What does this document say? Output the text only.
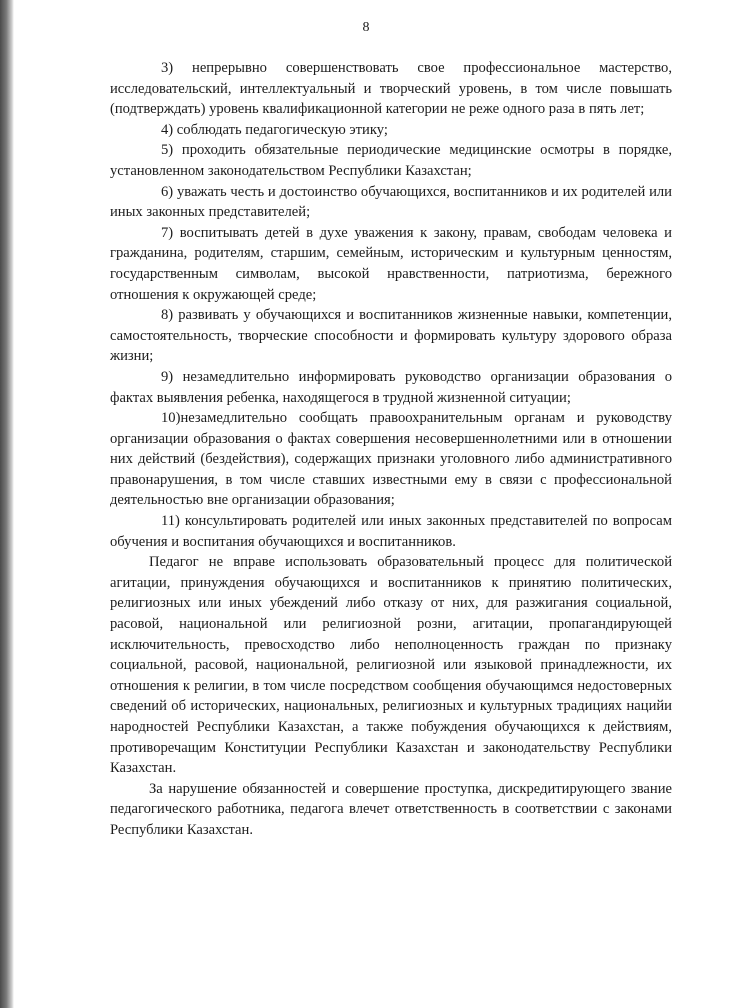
8

3) непрерывно совершенствовать свое профессиональное мастерство, исследовательский, интеллектуальный и творческий уровень, в том числе повышать (подтверждать) уровень квалификационной категории не реже одного раза в пять лет;

4) соблюдать педагогическую этику;

5) проходить обязательные периодические медицинские осмотры в порядке, установленном законодательством Республики Казахстан;

6) уважать честь и достоинство обучающихся, воспитанников и их родителей или иных законных представителей;

7) воспитывать детей в духе уважения к закону, правам, свободам человека и гражданина, родителям, старшим, семейным, историческим и культурным ценностям, государственным символам, высокой нравственности, патриотизма, бережного отношения к окружающей среде;

8) развивать у обучающихся и воспитанников жизненные навыки, компетенции, самостоятельность, творческие способности и формировать культуру здорового образа жизни;

9) незамедлительно информировать руководство организации образования о фактах выявления ребенка, находящегося в трудной жизненной ситуации;

10)незамедлительно сообщать правоохранительным органам и руководству организации образования о фактах совершения несовершеннолетними или в отношении них действий (бездействия), содержащих признаки уголовного либо административного правонарушения, в том числе ставших известными ему в связи с профессиональной деятельностью вне организации образования;

11) консультировать родителей или иных законных представителей по вопросам обучения и воспитания обучающихся и воспитанников.

Педагог не вправе использовать образовательный процесс для политической агитации, принуждения обучающихся и воспитанников к принятию политических, религиозных или иных убеждений либо отказу от них, для разжигания социальной, расовой, национальной или религиозной розни, агитации, пропагандирующей исключительность, превосходство либо неполноценность граждан по признаку социальной, расовой, национальной, религиозной или языковой принадлежности, их отношения к религии, в том числе посредством сообщения обучающимся недостоверных сведений об исторических, национальных, религиозных и культурных традициях нацийи народностей Республики Казахстан, а также побуждения обучающихся к действиям, противоречащим Конституции Республики Казахстан и законодательству Республики Казахстан.

За нарушение обязанностей и совершение проступка, дискредитирующего звание педагогического работника, педагога влечет ответственность в соответствии с законами Республики Казахстан.
